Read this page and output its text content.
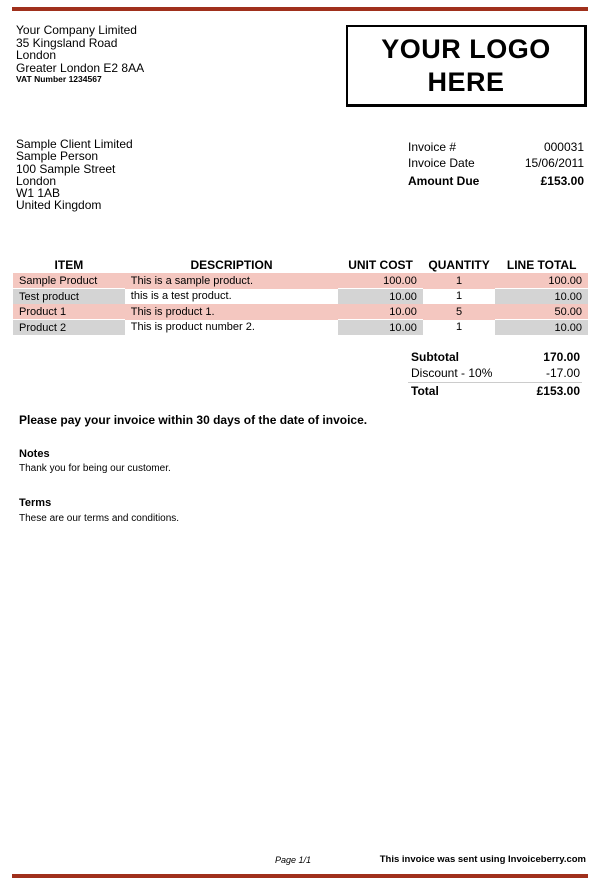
Your Company Limited
35 Kingsland Road
London
Greater London E2 8AA
VAT Number 1234567
YOUR LOGO
HERE
Sample Client Limited
Sample Person
100 Sample Street
London
W1 1AB
United Kingdom
Invoice #	000031
Invoice Date	15/06/2011
Amount Due	£153.00
ITEM	DESCRIPTION	UNIT COST	QUANTITY	LINE TOTAL
Sample Product	This is a sample product.	100.00	1	100.00
Test product	this is a test product.	10.00	1	10.00
Product 1	This is product 1.	10.00	5	50.00
Product 2	This is product number 2.	10.00	1	10.00
Subtotal	170.00
Discount - 10%	-17.00
Total	£153.00
Please pay your invoice within 30 days of the date of invoice.
Notes
Thank you for being our customer.
Terms
These are our terms and conditions.
Page 1/1	This invoice was sent using Invoiceberry.com
